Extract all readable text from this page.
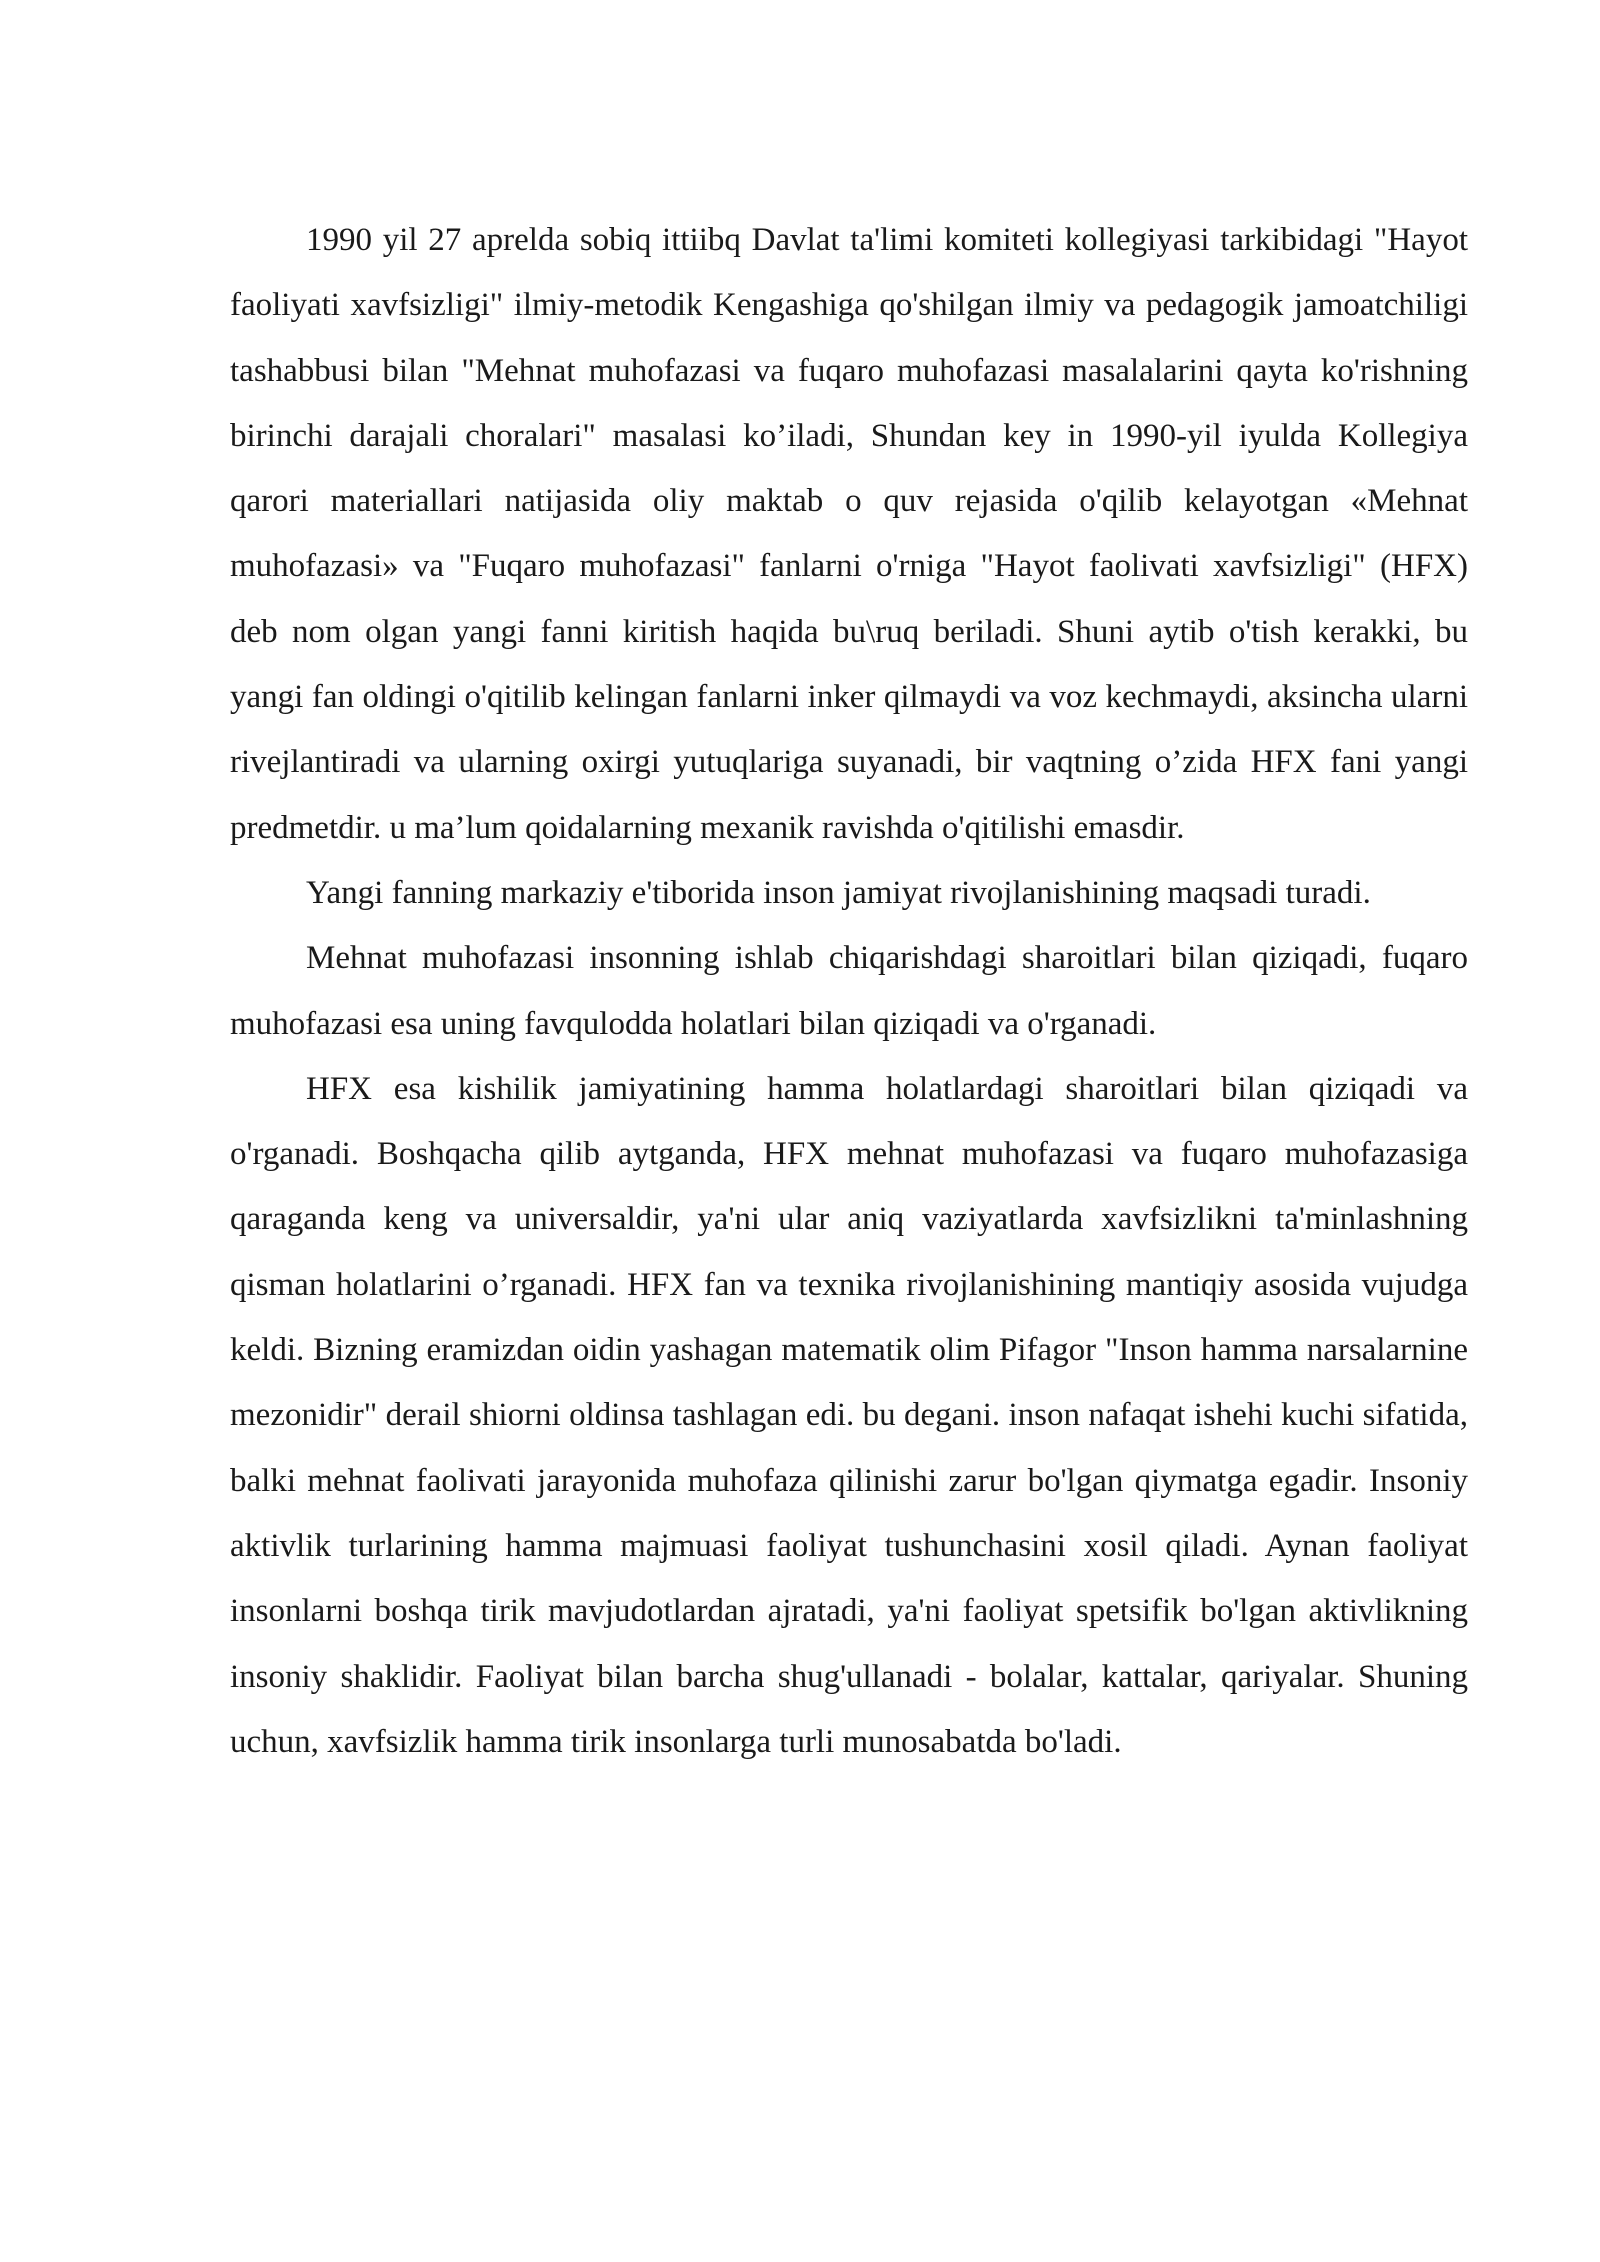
1990 yil 27 aprelda sobiq ittiibq Davlat ta'limi komiteti kollegiyasi tarkibidagi "Hayot faoliyati xavfsizligi" ilmiy-metodik Kengashiga qo'shilgan ilmiy va pedagogik jamoatchiligi tashabbusi bilan "Mehnat muhofazasi va fuqaro muhofazasi masalalarini qayta ko'rishning birinchi darajali choralari" masalasi ko’iladi, Shundan key in 1990-yil iyulda Kollegiya qarori materiallari natijasida oliy maktab o quv rejasida o'qilib kelayotgan «Mehnat muhofazasi» va "Fuqaro muhofazasi" fanlarni o'rniga "Hayot faolivati xavfsizligi" (HFX) deb nom olgan yangi fanni kiritish haqida bu\ruq beriladi. Shuni aytib o'tish kerakki, bu yangi fan oldingi o'qitilib kelingan fanlarni inker qilmaydi va voz kechmaydi, aksincha ularni rivejlantiradi va ularning oxirgi yutuqlariga suyanadi, bir vaqtning o’zida HFX fani yangi predmetdir. u ma’lum qoidalarning mexanik ravishda o'qitilishi emasdir.

Yangi fanning markaziy e'tiborida inson jamiyat rivojlanishining maqsadi turadi.

Mehnat muhofazasi insonning ishlab chiqarishdagi sharoitlari bilan qiziqadi, fuqaro muhofazasi esa uning favqulodda holatlari bilan qiziqadi va o'rganadi.

HFX esa kishilik jamiyatining hamma holatlardagi sharoitlari bilan qiziqadi va o'rganadi. Boshqacha qilib aytganda, HFX mehnat muhofazasi va fuqaro muhofazasiga qaraganda keng va universaldir, ya'ni ular aniq vaziyatlarda xavfsizlikni ta'minlashning qisman holatlarini o’rganadi. HFX fan va texnika rivojlanishining mantiqiy asosida vujudga keldi. Bizning eramizdan oidin yashagan matematik olim Pifagor "Inson hamma narsalarnine mezonidir" derail shiorni oldinsa tashlagan edi. bu degani. inson nafaqat ishehi kuchi sifatida, balki mehnat faolivati jarayonida muhofaza qilinishi zarur bo'lgan qiymatga egadir. Insoniy aktivlik turlarining hamma majmuasi faoliyat tushunchasini xosil qiladi. Aynan faoliyat insonlarni boshqa tirik mavjudotlardan ajratadi, ya'ni faoliyat spetsifik bo'lgan aktivlikning insoniy shaklidir. Faoliyat bilan barcha shug'ullanadi - bolalar, kattalar, qariyalar. Shuning uchun, xavfsizlik hamma tirik insonlarga turli munosabatda bo'ladi.
